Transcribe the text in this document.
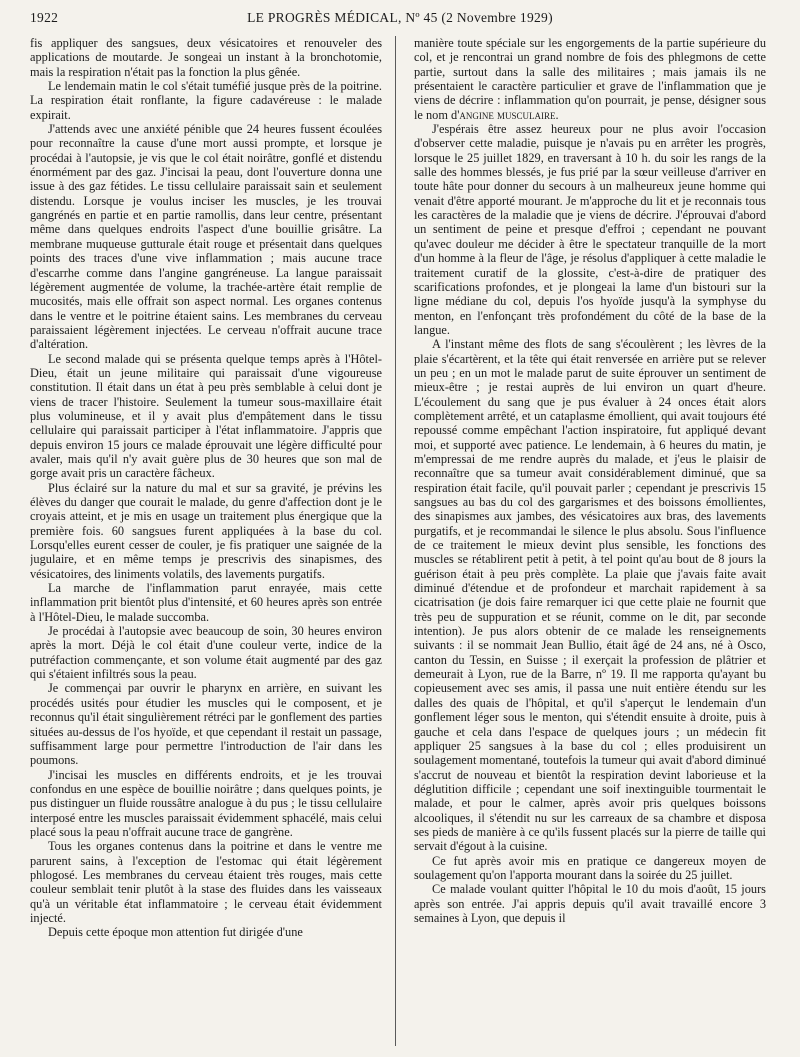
1922	LE PROGRÈS MÉDICAL, Nº 45 (2 Novembre 1929)

fis appliquer des sangsues, deux vésicatoires et renouveler des applications de moutarde. Je songeai un instant à la bronchotomie, mais la respiration n'était pas la fonction la plus gênée.

Le lendemain matin le col s'était tuméfié jusque près de la poitrine. La respiration était ronflante, la figure cadavéreuse : le malade expirait.

J'attends avec une anxiété pénible que 24 heures fussent écoulées pour reconnaître la cause d'une mort aussi prompte, et lorsque je procédai à l'autopsie, je vis que le col était noirâtre, gonflé et distendu énormément par des gaz. J'incisai la peau, dont l'ouverture donna une issue à des gaz fétides. Le tissu cellulaire paraissait sain et seulement distendu. Lorsque je voulus inciser les muscles, je les trouvai gangrénés en partie et en partie ramollis, dans leur centre, présentant même dans quelques endroits l'aspect d'une bouillie grisâtre. La membrane muqueuse gutturale était rouge et présentait dans quelques points des traces d'une vive inflammation ; mais aucune trace d'escarrhe comme dans l'angine gangréneuse. La langue paraissait légèrement augmentée de volume, la trachée-artère était remplie de mucosités, mais elle offrait son aspect normal. Les organes contenus dans le ventre et le poitrine étaient sains. Les membranes du cerveau paraissaient légèrement injectées. Le cerveau n'offrait aucune trace d'altération.

Le second malade qui se présenta quelque temps après à l'Hôtel-Dieu, était un jeune militaire qui paraissait d'une vigoureuse constitution. Il était dans un état à peu près semblable à celui dont je viens de tracer l'histoire. Seulement la tumeur sous-maxillaire était plus volumineuse, et il y avait plus d'empâtement dans le tissu cellulaire qui paraissait participer à l'état inflammatoire. J'appris que depuis environ 15 jours ce malade éprouvait une légère difficulté pour avaler, mais qu'il n'y avait guère plus de 30 heures que son mal de gorge avait pris un caractère fâcheux.

Plus éclairé sur la nature du mal et sur sa gravité, je prévins les élèves du danger que courait le malade, du genre d'affection dont je le croyais atteint, et je mis en usage un traitement plus énergique que la première fois. 60 sangsues furent appliquées à la base du col. Lorsqu'elles eurent cesser de couler, je fis pratiquer une saignée de la jugulaire, et en même temps je prescrivis des sinapismes, des vésicatoires, des liniments volatils, des lavements purgatifs.

La marche de l'inflammation parut enrayée, mais cette inflammation prit bientôt plus d'intensité, et 60 heures après son entrée à l'Hôtel-Dieu, le malade succomba.

Je procédai à l'autopsie avec beaucoup de soin, 30 heures environ après la mort. Déjà le col était d'une couleur verte, indice de la putréfaction commençante, et son volume était augmenté par des gaz qui s'étaient infiltrés sous la peau.

Je commençai par ouvrir le pharynx en arrière, en suivant les procédés usités pour étudier les muscles qui le composent, et je reconnus qu'il était singulièrement rétréci par le gonflement des parties situées au-dessus de l'os hyoïde, et que cependant il restait un passage, suffisamment large pour permettre l'introduction de l'air dans les poumons.

J'incisai les muscles en différents endroits, et je les trouvai confondus en une espèce de bouillie noirâtre ; dans quelques points, je pus distinguer un fluide roussâtre analogue à du pus ; le tissu cellulaire interposé entre les muscles paraissait évidemment sphacélé, mais celui placé sous la peau n'offrait aucune trace de gangrène.

Tous les organes contenus dans la poitrine et dans le ventre me parurent sains, à l'exception de l'estomac qui était légèrement phlogosé. Les membranes du cerveau étaient très rouges, mais cette couleur semblait tenir plutôt à la stase des fluides dans les vaisseaux qu'à un véritable état inflammatoire ; le cerveau était évidemment injecté.

Depuis cette époque mon attention fut dirigée d'une

manière toute spéciale sur les engorgements de la partie supérieure du col, et je rencontrai un grand nombre de fois des phlegmons de cette partie, surtout dans la salle des militaires ; mais jamais ils ne présentaient le caractère particulier et grave de l'inflammation que je viens de décrire : inflammation qu'on pourrait, je pense, désigner sous le nom d'angine musculaire.

J'espérais être assez heureux pour ne plus avoir l'occasion d'observer cette maladie, puisque je n'avais pu en arrêter les progrès, lorsque le 25 juillet 1829, en traversant à 10 h. du soir les rangs de la salle des hommes blessés, je fus prié par la sœur veilleuse d'arriver en toute hâte pour donner du secours à un malheureux jeune homme qui venait d'être apporté mourant. Je m'approche du lit et je reconnais tous les caractères de la maladie que je viens de décrire. J'éprouvai d'abord un sentiment de peine et presque d'effroi ; cependant ne pouvant qu'avec douleur me décider à être le spectateur tranquille de la mort d'un homme à la fleur de l'âge, je résolus d'appliquer à cette maladie le traitement curatif de la glossite, c'est-à-dire de pratiquer des scarifications profondes, et je plongeai la lame d'un bistouri sur la ligne médiane du col, depuis l'os hyoïde jusqu'à la symphyse du menton, en l'enfonçant très profondément du côté de la base de la langue.

A l'instant même des flots de sang s'écoulèrent ; les lèvres de la plaie s'écartèrent, et la tête qui était renversée en arrière put se relever un peu ; en un mot le malade parut de suite éprouver un sentiment de mieux-être ; je restai auprès de lui environ un quart d'heure. L'écoulement du sang que je pus évaluer à 24 onces était alors complètement arrêté, et un cataplasme émollient, qui avait toujours été repoussé comme empêchant l'action inspiratoire, fut appliqué devant moi, et supporté avec patience. Le lendemain, à 6 heures du matin, je m'empressai de me rendre auprès du malade, et j'eus le plaisir de reconnaître que sa tumeur avait considérablement diminué, que sa respiration était facile, qu'il pouvait parler ; cependant je prescrivis 15 sangsues au bas du col des gargarismes et des boissons émollientes, des sinapismes aux jambes, des vésicatoires aux bras, des lavements purgatifs, et je recommandai le silence le plus absolu. Sous l'influence de ce traitement le mieux devint plus sensible, les fonctions des muscles se rétablirent petit à petit, à tel point qu'au bout de 8 jours la guérison était à peu près complète. La plaie que j'avais faite avait diminué d'étendue et de profondeur et marchait rapidement à sa cicatrisation (je dois faire remarquer ici que cette plaie ne fournit que très peu de suppuration et se réunit, comme on le dit, par seconde intention). Je pus alors obtenir de ce malade les renseignements suivants : il se nommait Jean Bullio, était âgé de 24 ans, né à Osco, canton du Tessin, en Suisse ; il exerçait la profession de plâtrier et demeurait à Lyon, rue de la Barre, nº 19. Il me rapporta qu'ayant bu copieusement avec ses amis, il passa une nuit entière étendu sur les dalles des quais de l'hôpital, et qu'il s'aperçut le lendemain d'un gonflement léger sous le menton, qui s'étendit ensuite à droite, puis à gauche et cela dans l'espace de quelques jours ; un médecin fit appliquer 25 sangsues à la base du col ; elles produisirent un soulagement momentané, toutefois la tumeur qui avait d'abord diminué s'accrut de nouveau et bientôt la respiration devint laborieuse et la déglutition difficile ; cependant une soif inextinguible tourmentait le malade, et pour le calmer, après avoir pris quelques boissons alcooliques, il s'étendit nu sur les carreaux de sa chambre et disposa ses pieds de manière à ce qu'ils fussent placés sur la pierre de taille qui servait d'égout à la cuisine.

Ce fut après avoir mis en pratique ce dangereux moyen de soulagement qu'on l'apporta mourant dans la soirée du 25 juillet.

Ce malade voulant quitter l'hôpital le 10 du mois d'août, 15 jours après son entrée. J'ai appris depuis qu'il avait travaillé encore 3 semaines à Lyon, que depuis il
